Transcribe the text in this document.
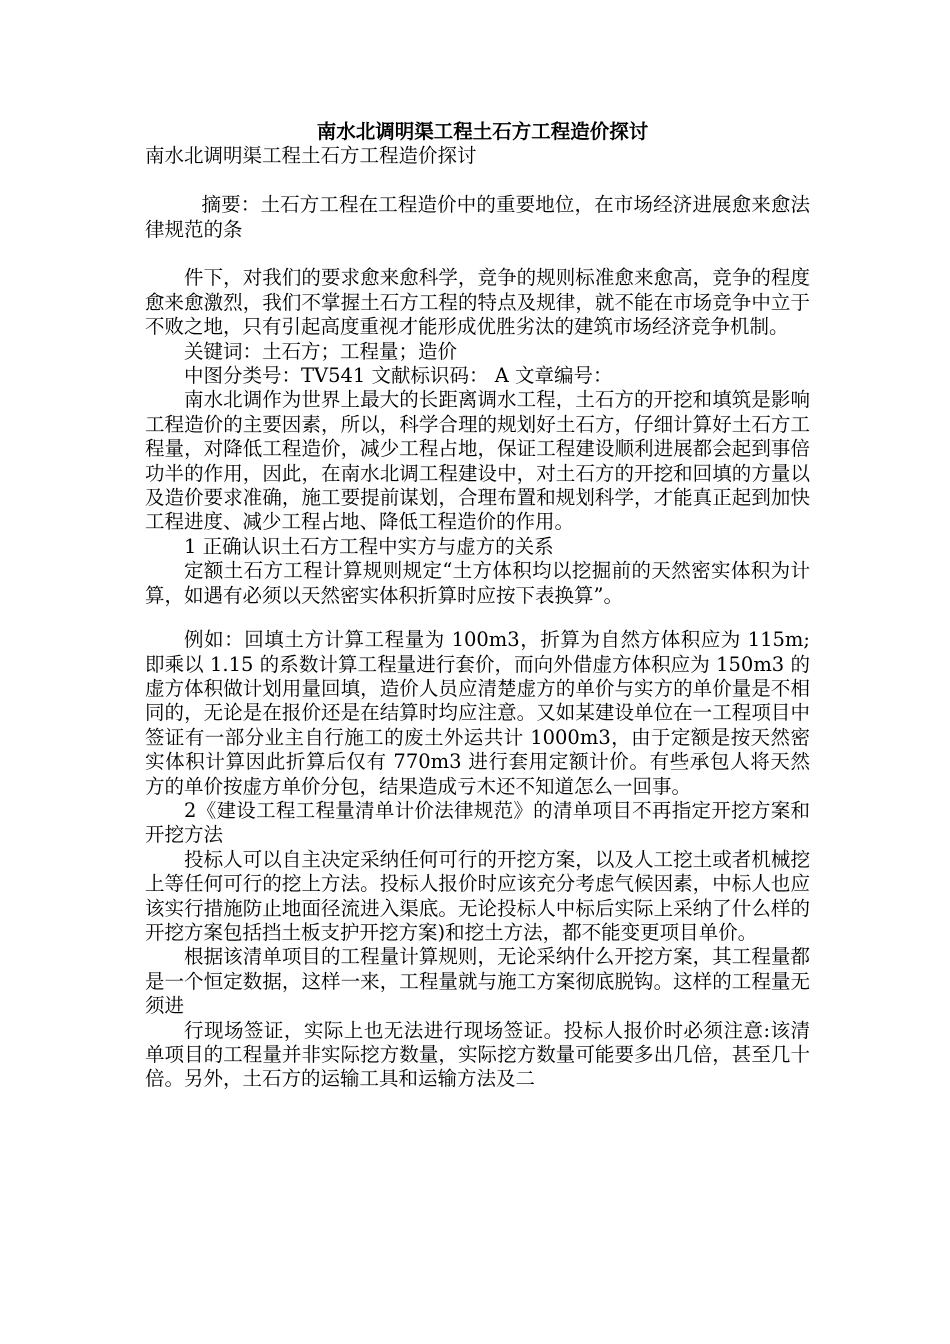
南水北调明渠工程土石方工程造价探讨

南水北调明渠工程土石方工程造价探讨

摘要：土石方工程在工程造价中的重要地位，在市场经济进展愈来愈法律规范的条

件下，对我们的要求愈来愈科学，竞争的规则标准愈来愈高，竞争的程度愈来愈激烈，我们不掌握土石方工程的特点及规律，就不能在市场竞争中立于不败之地，只有引起高度重视才能形成优胜劣汰的建筑市场经济竞争机制。

关键词：土石方；工程量；造价

中图分类号：TV541 文献标识码： A 文章编号：

南水北调作为世界上最大的长距离调水工程，土石方的开挖和填筑是影响工程造价的主要因素，所以，科学合理的规划好土石方，仔细计算好土石方工程量，对降低工程造价，减少工程占地，保证工程建设顺利进展都会起到事倍功半的作用，因此，在南水北调工程建设中，对土石方的开挖和回填的方量以及造价要求准确，施工要提前谋划，合理布置和规划科学，才能真正起到加快工程进度、减少工程占地、降低工程造价的作用。

1 正确认识土石方工程中实方与虚方的关系

定额土石方工程计算规则规定“土方体积均以挖掘前的天然密实体积为计算，如遇有必须以天然密实体积折算时应按下表换算”。

例如：回填土方计算工程量为 100m3，折算为自然方体积应为 115m;即乘以 1.15 的系数计算工程量进行套价，而向外借虚方体积应为 150m3 的虚方体积做计划用量回填，造价人员应清楚虚方的单价与实方的单价量是不相同的，无论是在报价还是在结算时均应注意。又如某建设单位在一工程项目中签证有一部分业主自行施工的废土外运共计 1000m3，由于定额是按天然密实体积计算因此折算后仅有 770m3 进行套用定额计价。有些承包人将天然方的单价按虚方单价分包，结果造成亏木还不知道怎么一回事。

2《建设工程工程量清单计价法律规范》的清单项目不再指定开挖方案和开挖方法

投标人可以自主决定采纳任何可行的开挖方案，以及人工挖土或者机械挖上等任何可行的挖上方法。投标人报价时应该充分考虑气候因素，中标人也应该实行措施防止地面径流进入渠底。无论投标人中标后实际上采纳了什么样的开挖方案包括挡土板支护开挖方案)和挖土方法，都不能变更项目单价。

根据该清单项目的工程量计算规则，无论采纳什么开挖方案，其工程量都是一个恒定数据，这样一来，工程量就与施工方案彻底脱钩。这样的工程量无须进

行现场签证，实际上也无法进行现场签证。投标人报价时必须注意:该清单项目的工程量并非实际挖方数量，实际挖方数量可能要多出几倍，甚至几十倍。另外，土石方的运输工具和运输方法及二
